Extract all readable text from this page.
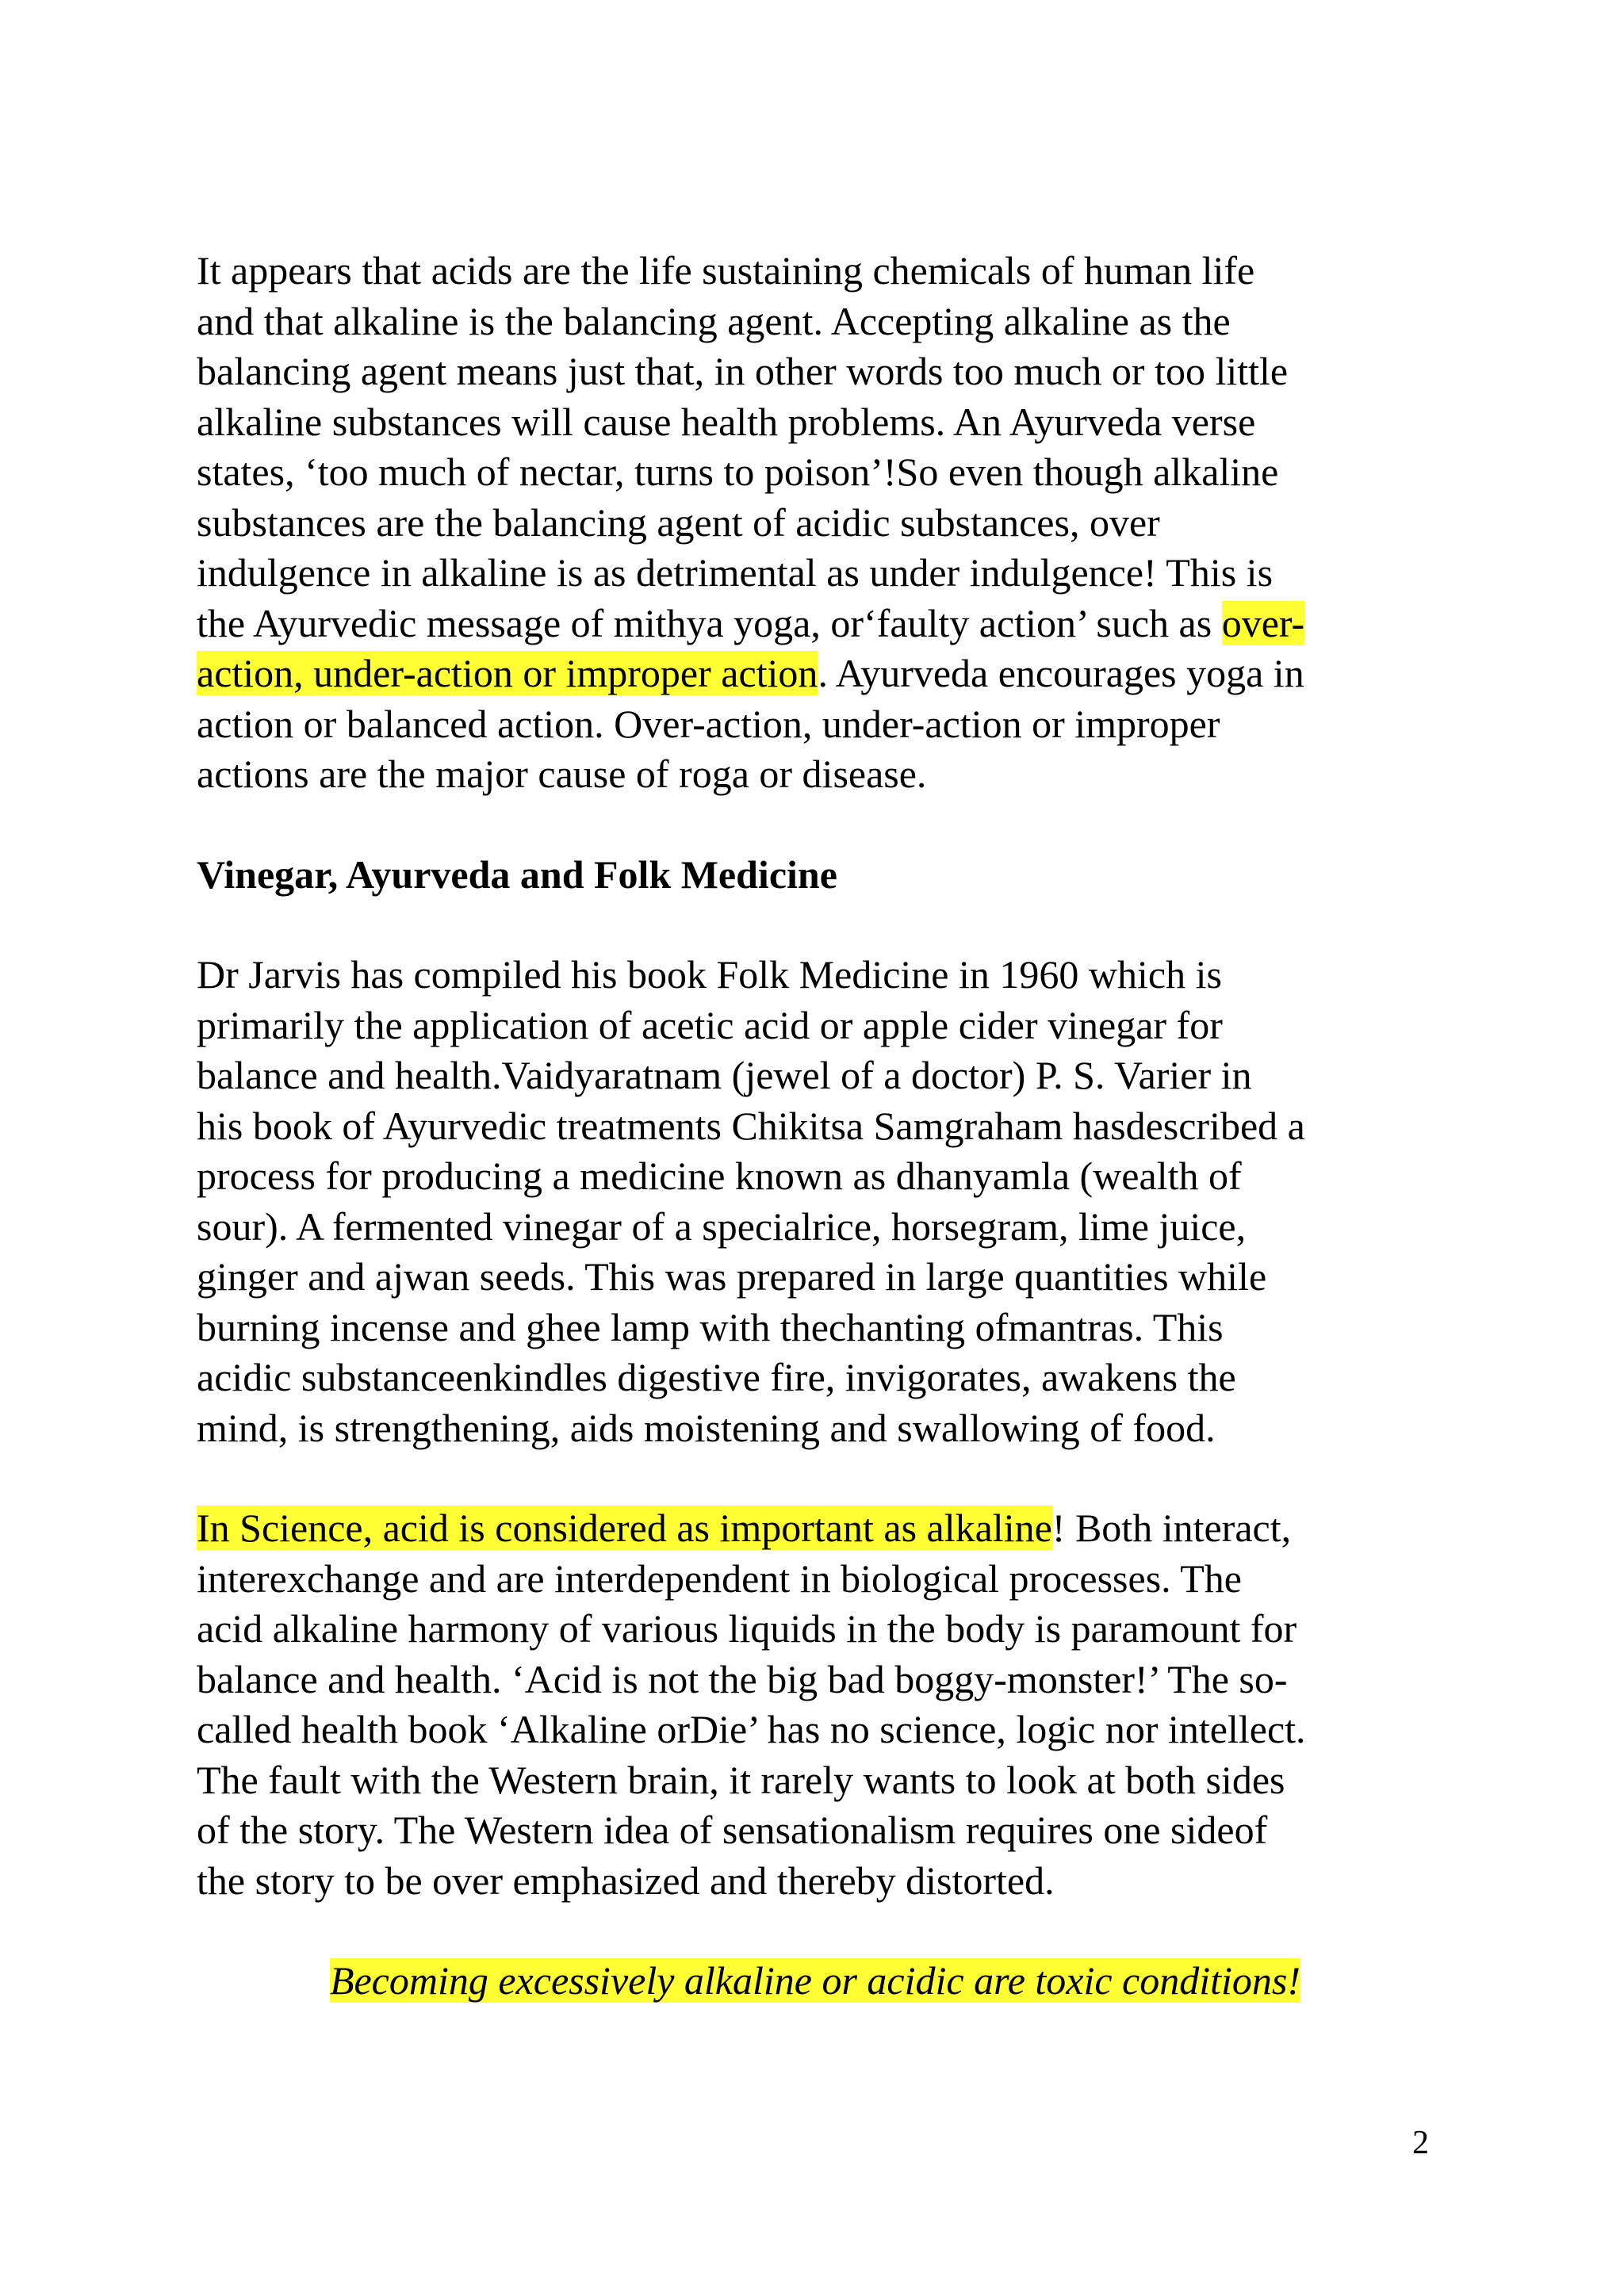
It appears that acids are the life sustaining chemicals of human life
and that alkaline is the balancing agent. Accepting alkaline as the
balancing agent means just that, in other words too much or too little
alkaline substances will cause health problems. An Ayurveda verse
states, ‘too much of nectar, turns to poison’!So even though alkaline
substances are the balancing agent of acidic substances, over
indulgence in alkaline is as detrimental as under indulgence! This is
the Ayurvedic message of mithya yoga, or‘faulty action’ such as over-
action, under-action or improper action. Ayurveda encourages yoga in
action or balanced action. Over-action, under-action or improper
actions are the major cause of roga or disease.

Vinegar, Ayurveda and Folk Medicine

Dr Jarvis has compiled his book Folk Medicine in 1960 which is
primarily the application of acetic acid or apple cider vinegar for
balance and health.Vaidyaratnam (jewel of a doctor) P. S. Varier in
his book of Ayurvedic treatments Chikitsa Samgraham hasdescribed a
process for producing a medicine known as dhanyamla (wealth of
sour). A fermented vinegar of a specialrice, horsegram, lime juice,
ginger and ajwan seeds. This was prepared in large quantities while
burning incense and ghee lamp with thechanting ofmantras. This
acidic substanceenkindles digestive fire, invigorates, awakens the
mind, is strengthening, aids moistening and swallowing of food.

In Science, acid is considered as important as alkaline! Both interact,
interexchange and are interdependent in biological processes. The
acid alkaline harmony of various liquids in the body is paramount for
balance and health. ‘Acid is not the big bad boggy-monster!’ The so-
called health book ‘Alkaline orDie’ has no science, logic nor intellect.
The fault with the Western brain, it rarely wants to look at both sides
of the story. The Western idea of sensationalism requires one sideof
the story to be over emphasized and thereby distorted.

Becoming excessively alkaline or acidic are toxic conditions!

2
